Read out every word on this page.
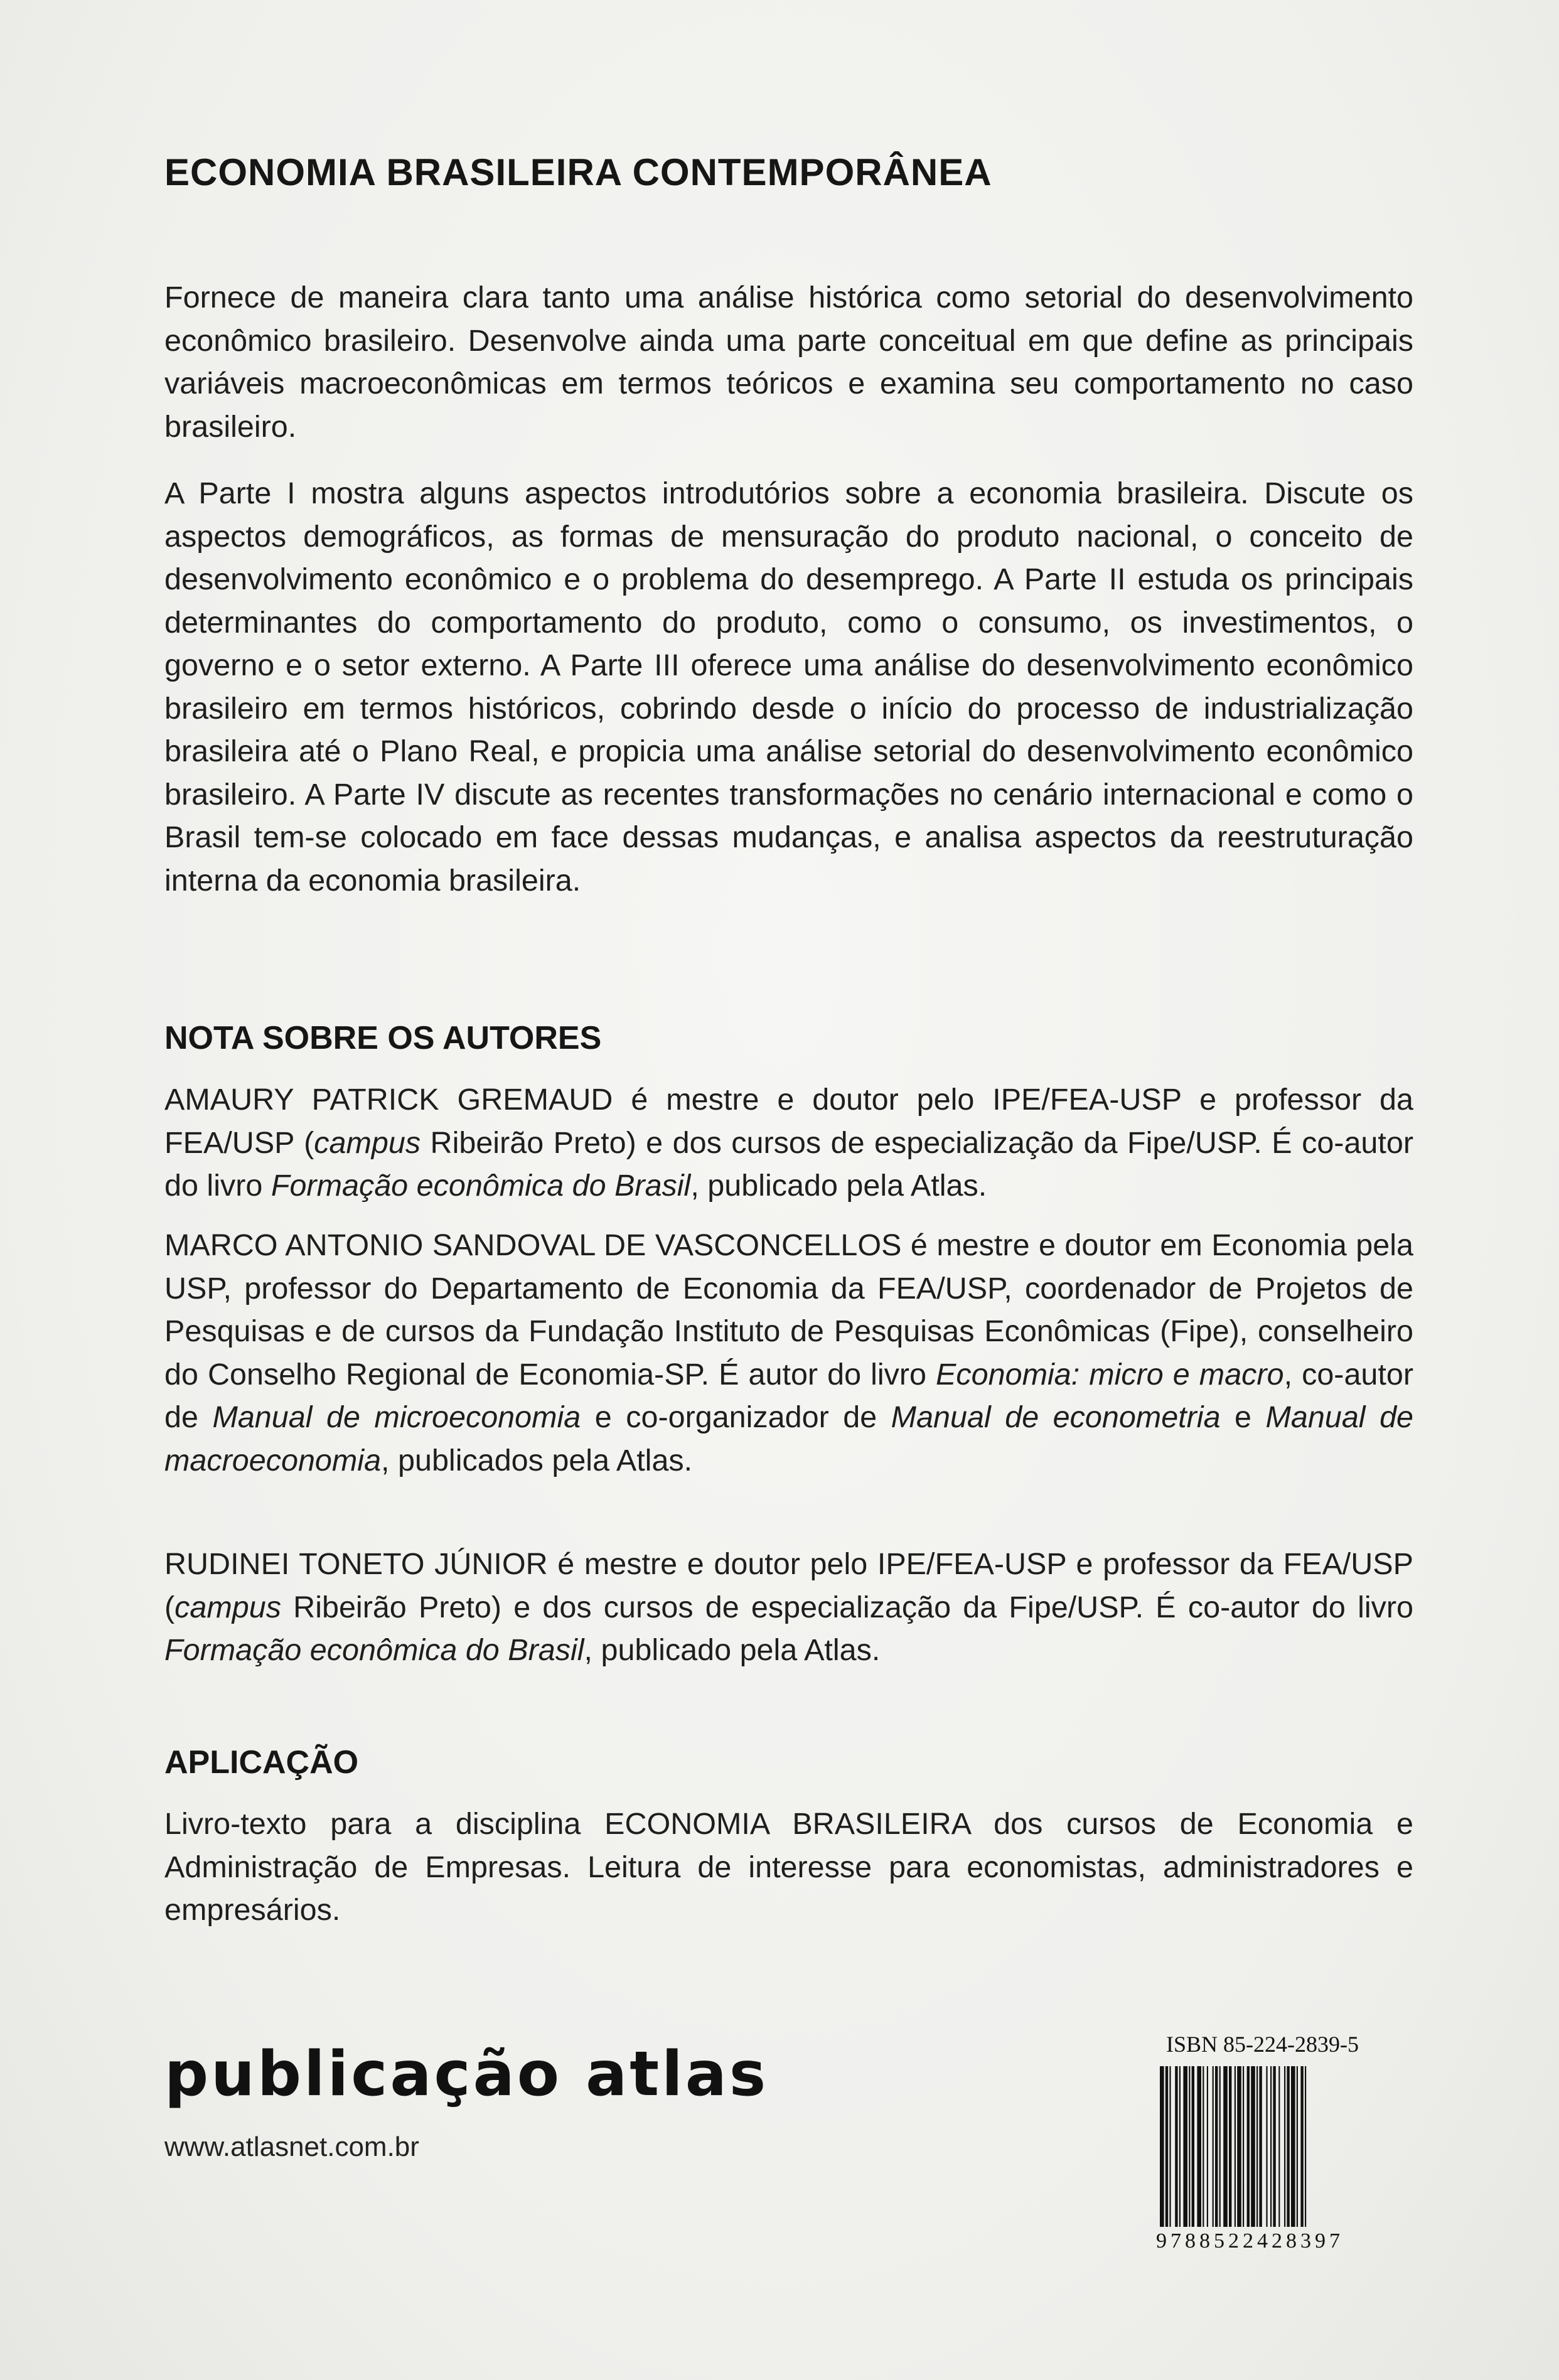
ECONOMIA BRASILEIRA CONTEMPORÂNEA
Fornece de maneira clara tanto uma análise histórica como setorial do desenvolvimento econômico brasileiro. Desenvolve ainda uma parte conceitual em que define as principais variáveis macroeconômicas em termos teóricos e examina seu comportamento no caso brasileiro.
A Parte I mostra alguns aspectos introdutórios sobre a economia brasileira. Discute os aspectos demográficos, as formas de mensuração do produto nacional, o conceito de desenvolvimento econômico e o problema do desemprego. A Parte II estuda os principais determinantes do comportamento do produto, como o consumo, os investimentos, o governo e o setor externo. A Parte III oferece uma análise do desenvolvimento econômico brasileiro em termos históricos, cobrindo desde o início do processo de industrialização brasileira até o Plano Real, e propicia uma análise setorial do desenvolvimento econômico brasileiro. A Parte IV discute as recentes transformações no cenário internacional e como o Brasil tem-se colocado em face dessas mudanças, e analisa aspectos da reestruturação interna da economia brasileira.
NOTA SOBRE OS AUTORES
AMAURY PATRICK GREMAUD é mestre e doutor pelo IPE/FEA-USP e professor da FEA/USP (campus Ribeirão Preto) e dos cursos de especialização da Fipe/USP. É co-autor do livro Formação econômica do Brasil, publicado pela Atlas.
MARCO ANTONIO SANDOVAL DE VASCONCELLOS é mestre e doutor em Economia pela USP, professor do Departamento de Economia da FEA/USP, coordenador de Projetos de Pesquisas e de cursos da Fundação Instituto de Pesquisas Econômicas (Fipe), conselheiro do Conselho Regional de Economia-SP. É autor do livro Economia: micro e macro, co-autor de Manual de microeconomia e co-organizador de Manual de econometria e Manual de macroeconomia, publicados pela Atlas.
RUDINEI TONETO JÚNIOR é mestre e doutor pelo IPE/FEA-USP e professor da FEA/USP (campus Ribeirão Preto) e dos cursos de especialização da Fipe/USP. É co-autor do livro Formação econômica do Brasil, publicado pela Atlas.
APLICAÇÃO
Livro-texto para a disciplina ECONOMIA BRASILEIRA dos cursos de Economia e Administração de Empresas. Leitura de interesse para economistas, administradores e empresários.
publicação atlas
www.atlasnet.com.br
ISBN 85-224-2839-5
9788522428397
